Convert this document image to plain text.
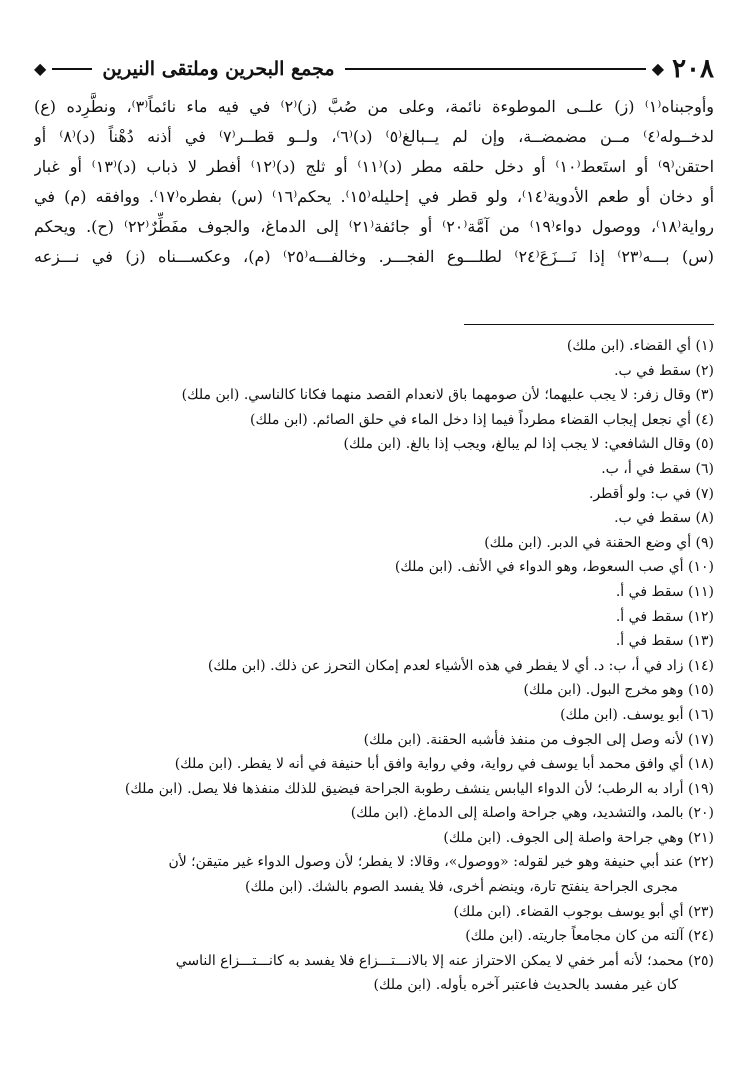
٢٠٨
◆
مجمع البحرين وملتقى النيرين
◆
وأوجبناه⁽١⁾ (ز) علــى الموطوءة نائمة، وعلى من صُبَّ (ز)⁽٢⁾ في فيه ماء نائماً⁽٣⁾، ونطَّرِده (ع)
لدخــوله⁽٤⁾ مــن مضمضــة، وإن لم يــبالغ⁽٥⁾ (د)⁽٦⁾، ولــو قطــر⁽٧⁾ في أذنه دُهْناً (د)⁽٨⁾ أو
احتقن⁽٩⁾ أو استَعط⁽١٠⁾ أو دخل حلقه مطر (د)⁽١١⁾ أو ثلج (د)⁽١٢⁾ أفطر لا ذباب (د)⁽١٣⁾ أو غبار
أو دخان أو طعم الأدوية⁽١٤⁾، ولو قطر في إحليله⁽١٥⁾. يحكم⁽١٦⁾ (س) بفطره⁽١٧⁾. ووافقه (م) في
رواية⁽١٨⁾، ووصول دواء⁽١٩⁾ من آمَّة⁽٢٠⁾ أو جائفة⁽٢١⁾ إلى الدماغ، والجوف مفَطِّرٌ⁽٢٢⁾ (ح). ويحكم
(س) بـــه⁽٢٣⁾ إذا نَـــزَعَ⁽٢٤⁾ لطلـــوع الفجـــر. وخالفـــه⁽٢٥⁾ (م)، وعكســـناه (ز) في نـــزعه
(١) أي القضاء. (ابن ملك)
(٢) سقط في ب.
(٣) وقال زفر: لا يجب عليهما؛ لأن صومهما باق لانعدام القصد منهما فكانا كالناسي. (ابن ملك)
(٤) أي نجعل إيجاب القضاء مطرداً فيما إذا دخل الماء في حلق الصائم. (ابن ملك)
(٥) وقال الشافعي: لا يجب إذا لم يبالغ، ويجب إذا بالغ. (ابن ملك)
(٦) سقط في أ، ب.
(٧) في ب: ولو أقطر.
(٨) سقط في ب.
(٩) أي وضع الحقنة في الدبر. (ابن ملك)
(١٠) أي صب السعوط، وهو الدواء في الأنف. (ابن ملك)
(١١) سقط في أ.
(١٢) سقط في أ.
(١٣) سقط في أ.
(١٤) زاد في أ، ب: د. أي لا يفطر في هذه الأشياء لعدم إمكان التحرز عن ذلك. (ابن ملك)
(١٥) وهو مخرج البول. (ابن ملك)
(١٦) أبو يوسف. (ابن ملك)
(١٧) لأنه وصل إلى الجوف من منفذ فأشبه الحقنة. (ابن ملك)
(١٨) أي وافق محمد أبا يوسف في رواية، وفي رواية وافق أبا حنيفة في أنه لا يفطر. (ابن ملك)
(١٩) أراد به الرطب؛ لأن الدواء اليابس ينشف رطوبة الجراحة فيضيق للذلك منفذها فلا يصل. (ابن ملك)
(٢٠) بالمد، والتشديد، وهي جراحة واصلة إلى الدماغ. (ابن ملك)
(٢١) وهي جراحة واصلة إلى الجوف. (ابن ملك)
(٢٢) عند أبي حنيفة وهو خير لقوله: «ووصول»، وقالا: لا يفطر؛ لأن وصول الدواء غير متيقن؛ لأن
مجرى الجراحة ينفتح تارة، وينضم أخرى، فلا يفسد الصوم بالشك. (ابن ملك)
(٢٣) أي أبو يوسف بوجوب القضاء. (ابن ملك)
(٢٤) آلته من كان مجامعاً جاريته. (ابن ملك)
(٢٥) محمد؛ لأنه أمر خفي لا يمكن الاحتراز عنه إلا بالانـــتـــزاع فلا يفسد به كانـــتـــزاع الناسي
كان غير مفسد بالحديث فاعتبر آخره بأوله. (ابن ملك)
